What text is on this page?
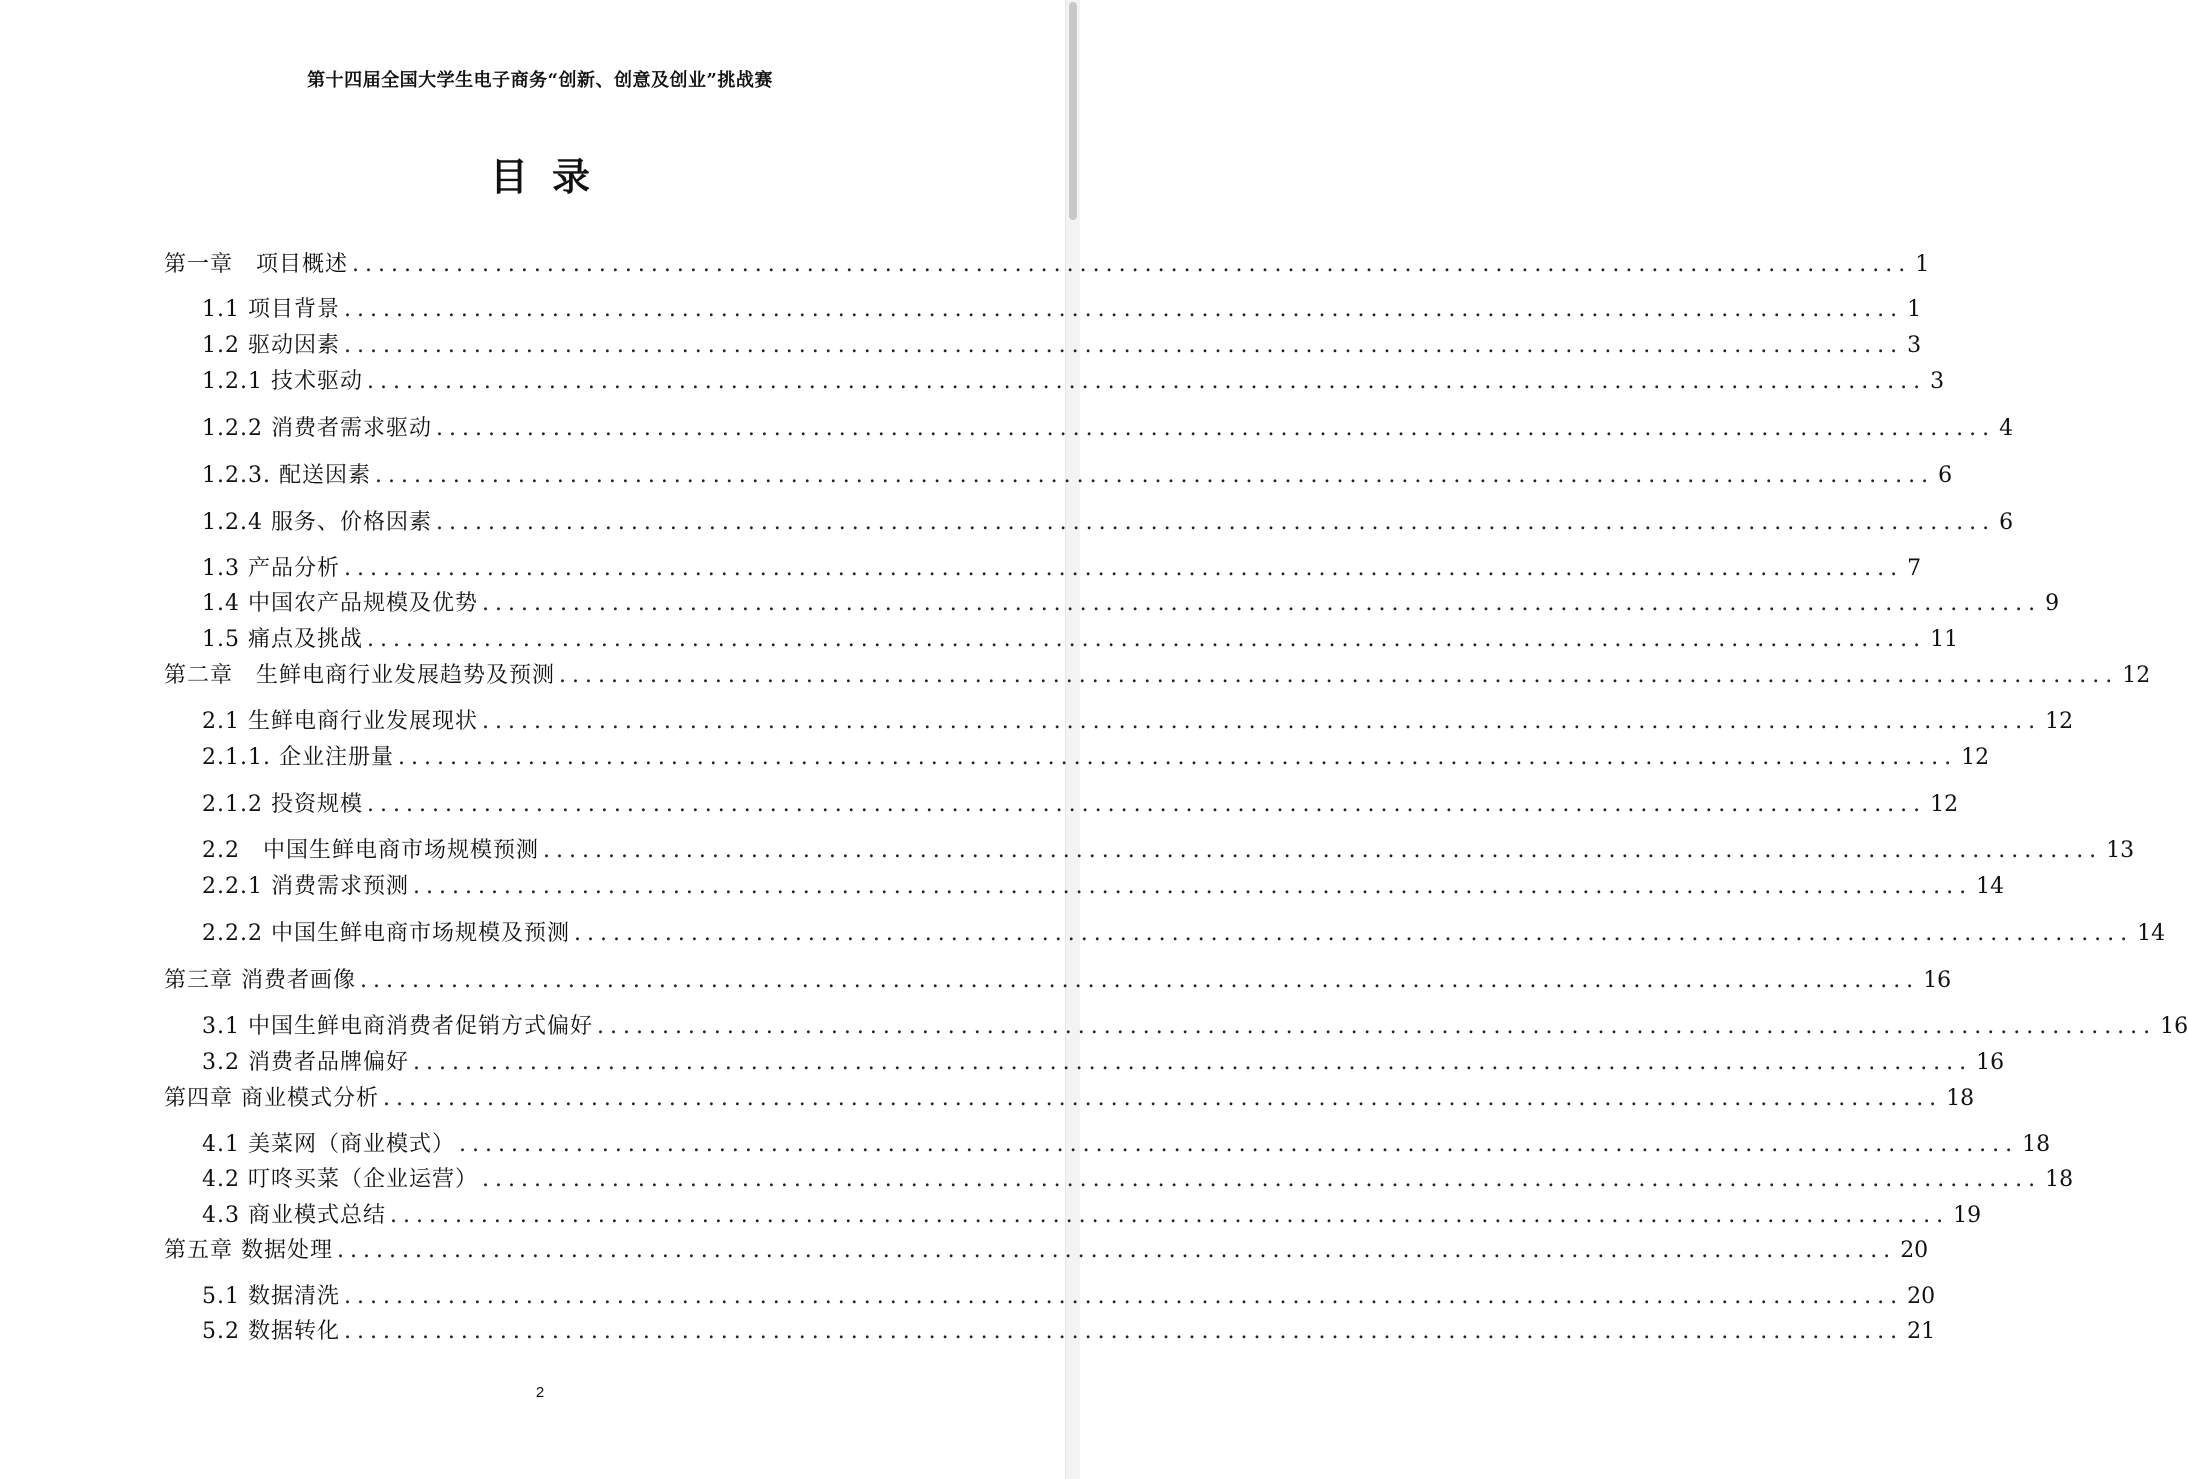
第十四届全国大学生电子商务“创新、创意及创业”挑战赛
目录
第一章　项目概述 ........................................................................................................................ 1
1.1 项目背景 ........................................................................................................................ 1
1.2 驱动因素 ........................................................................................................................ 3
1.2.1 技术驱动 ........................................................................................................................ 3
1.2.2 消费者需求驱动 ........................................................................................................................ 4
1.2.3. 配送因素 ........................................................................................................................ 6
1.2.4 服务、价格因素 ........................................................................................................................ 6
1.3 产品分析 ........................................................................................................................ 7
1.4 中国农产品规模及优势 ........................................................................................................................ 9
1.5 痛点及挑战 ........................................................................................................................ 11
第二章　生鲜电商行业发展趋势及预测 ........................................................................................................................ 12
2.1 生鲜电商行业发展现状 ........................................................................................................................ 12
2.1.1. 企业注册量 ........................................................................................................................ 12
2.1.2 投资规模 ........................................................................................................................ 12
2.2　中国生鲜电商市场规模预测 ........................................................................................................................ 13
2.2.1 消费需求预测 ........................................................................................................................ 14
2.2.2 中国生鲜电商市场规模及预测 ........................................................................................................................ 14
第三章 消费者画像 ........................................................................................................................ 16
3.1 中国生鲜电商消费者促销方式偏好 ........................................................................................................................ 16
3.2 消费者品牌偏好 ........................................................................................................................ 16
第四章 商业模式分析 ........................................................................................................................ 18
4.1 美菜网（商业模式） ........................................................................................................................ 18
4.2 叮咚买菜（企业运营） ........................................................................................................................ 18
4.3 商业模式总结 ........................................................................................................................ 19
第五章 数据处理 ........................................................................................................................ 20
5.1 数据清洗 ........................................................................................................................ 20
5.2 数据转化 ........................................................................................................................ 21
2
